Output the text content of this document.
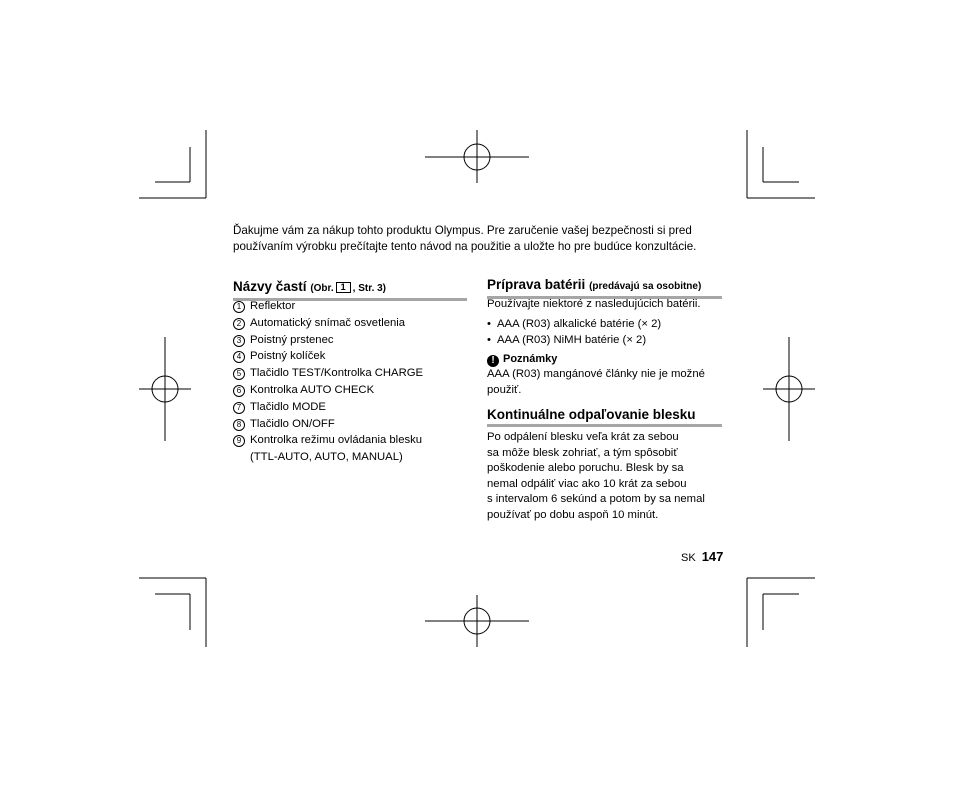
Ďakujme vám za nákup tohto produktu Olympus. Pre zaručenie vašej bezpečnosti si pred
používaním výrobku prečítajte tento návod na použitie a uložte ho pre budúce konzultácie.
Názvy častí (Obr. 1 , Str. 3)
1 Reflektor
2 Automatický snímač osvetlenia
3 Poistný prstenec
4 Poistný kolíček
5 Tlačidlo TEST/Kontrolka CHARGE
6 Kontrolka AUTO CHECK
7 Tlačidlo MODE
8 Tlačidlo ON/OFF
9 Kontrolka režimu ovládania blesku
(TTL-AUTO, AUTO, MANUAL)
Príprava batérii (predávajú sa osobitne)
Používajte niektoré z nasledujúcich batérii.
• AAA (R03) alkalické batérie (× 2)
• AAA (R03) NiMH batérie (× 2)
! Poznámky
AAA (R03) mangánové články nie je možné
použiť.
Kontinuálne odpaľovanie blesku
Po odpálení blesku veľa krát za sebou
sa môže blesk zohriať, a tým spôsobiť
poškodenie alebo poruchu. Blesk by sa
nemal odpáliť viac ako 10 krát za sebou
s intervalom 6 sekúnd a potom by sa nemal
používať po dobu aspoň 10 minút.
SK 147
